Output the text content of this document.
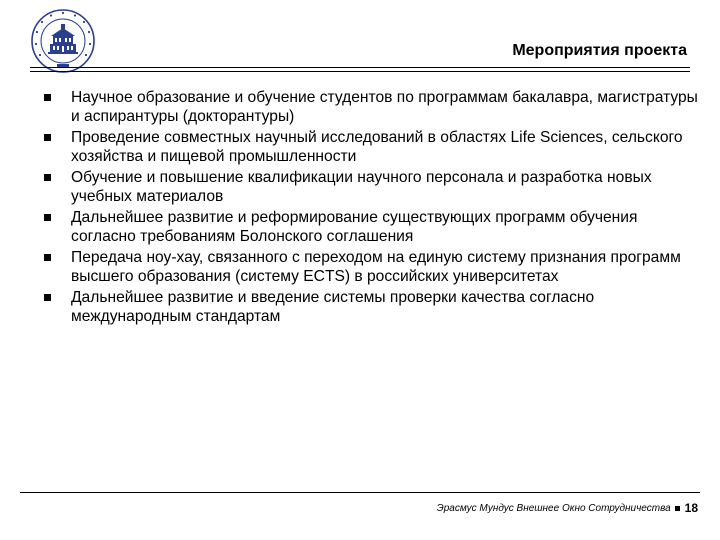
Мероприятия проекта
Научное образование и обучение студентов по программам бакалавра, магистратуры и аспирантуры (докторантуры)
Проведение совместных научный исследований в областях Life Sciences, сельского хозяйства и пищевой промышленности
Обучение и повышение квалификации научного персонала и разработка новых учебных материалов
Дальнейшее развитие и реформирование существующих программ обучения согласно требованиям Болонского соглашения
Передача ноу-хау, связанного с переходом на единую систему признания программ высшего образования (систему ECTS) в российских университетах
Дальнейшее развитие и введение системы проверки качества согласно международным стандартам
Эрасмус Мундус Внешнее Окно Сотрудничества 18
